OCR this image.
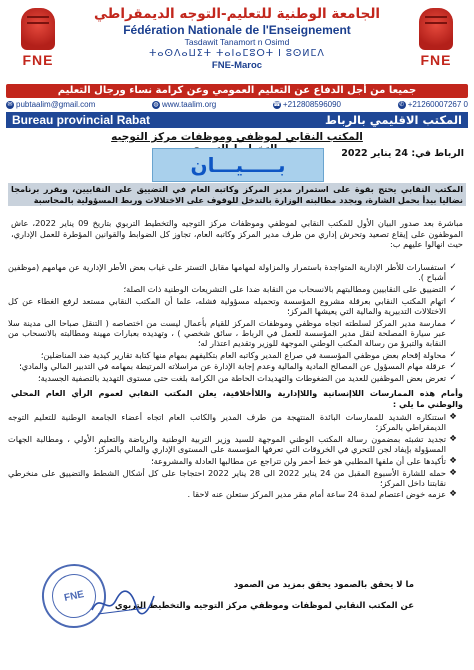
FNE
الجامعة الوطنية للتعليم-التوجه الديمقراطي
Fédération Nationale de l'Enseignement
Tasdawit Tanamort n Osimd
ⵜⴰⵙⴷⴰⵡⵉⵜ ⵜⴰⵏⴰⵎⵓⵔⵜ ⵏ ⵓⵙⵍⵎⴷ
FNE-Maroc	FNE
جميعا من أجل الدفاع عن التعليم العمومي وعن كرامة نساء ورجال التعليم
✉ pubtaalim@gmail.com	◍ www.taalim.org	☎ +212808596090	✆ +21260007267 0
Bureau provincial Rabat	المكتب الاقليمي بالرباط
المكتب النقابي لموظفي وموظفات مركز التوجيه
الرباط في: 24 يناير 2022
بـــــيـــان
المكتب النقابي يحتج بقوة على استمرار مدير المركز وكاتبه العام في التضييق على النقابيين، ويقرر برنامجا نضاليا بيدأ بحمل الشارة، ويجدد مطالبته الوزارة بالتدخل للوقوف على الاختلالات وربط المسؤولية بالمحاسبة
مباشرة بعد صدور البيان الأول للمكتب النقابي لموظفي وموظفات مركز التوجيه والتخطيط التربوي بتاريخ 09 يناير 2022، عاش الموظفون على إيقاع تصعيد وتحرش إداري من طرف مدير المركز وكاتبه العام، تجاوز كل الضوابط والقوانين المؤطرة للعمل الإداري، حيث انهالوا عليهم ب:
✓
استفسارات للأطر الإدارية المتواجدة باستمرار والمزاولة لمهامها مقابل التستر على غياب بعض الأطر الإدارية عن مهامهم (موظفين أشباح ).
✓
التضييق على النقابيين ومطالبتهم بالانسحاب من النقابة ضدا على التشريعات الوطنية ذات الصلة؛
✓
اتهام المكتب النقابي بعرقلة مشروع المؤسسة وتحميله مسؤولية فشله، علما أن المكتب النقابي مستعد لرفع الغطاء عن كل الاختلالات التدبيرية والمالية التي يعيشها المركز؛
✓
ممارسة مدير المركز لسلطته اتجاه موظفي وموظفات المركز للقيام بأعمال ليست من اختصاصه ( التنقل صباحا الى مدينة سلا عبر سيارة المصلحة لنقل مدير المؤسسة للعمل في الرباط ، سائق شخصي ) ، وتهديده بعبارات مهينة ومطالبته بالانسحاب من النقابة والتبرؤ من رسالة المكتب الوطني الموجهة للوزير وتقديم اعتذار له؛
✓
محاولة إقحام بعض موظفي المؤسسة في صراع المدير وكاتبه العام بتكليفهم بمهام منها كتابة تقارير كيدية ضد المناضلين؛
✓
عرقلة مهام المسؤول عن المصالح المادية والمالية وعدم إجابة الإدارة عن مراسلاته المرتبطة بمهامه في التدبير المالي والمادي؛
✓
تعرض بعض الموظفين للعديد من الضغوطات والتهديدات الحاطة من الكرامة بلغت حتى مستوى التهديد بالتصفية الجسدية؛
وأمام هذه الممارسات اللاإنسانية واللاإدارية واللاأخلاقية، يعلن المكتب النقابي لعموم الرأي العام المحلي والوطني ما يلي :
❖
استنكاره الشديد للممارسات البائدة المنتهجة من طرف المدير والكاتب العام اتجاه أعضاء الجامعة الوطنية للتعليم التوجه الديمقراطي بالمركز؛
❖
تجديد تشبثه بمضمون رسالة المكتب الوطني الموجهة للسيد وزير التربية الوطنية والرياضة والتعليم الأولي ، ومطالبة الجهات المسؤولة بإيفاد لجن للتحري في الخروقات التي تعرفها المؤسسة على المستوى الإداري والمالي بالمركز؛
❖
تأكيدها على أن ملفها المطلبي هو خط أحمر ولن تتراجع عن مطالبها العادلة والمشروعة؛
❖
حمله للشارة الأسبوع المقبل من 24 يناير 2022 الى 28 يناير 2022 احتجاجا على كل أشكال الشطط والتضييق على منخرطي نقابتنا داخل المركز؛
❖
عزمه خوض اعتصام لمدة 24 ساعة أمام مقر مدير المركز ستعلن عنه لاحقا .
ما لا يحقق بالصمود يحقق بمزيد من الصمود
عن المكتب النقابي لموظفات وموظفي مركز التوجيه والتخطيط التربوي
FNE
